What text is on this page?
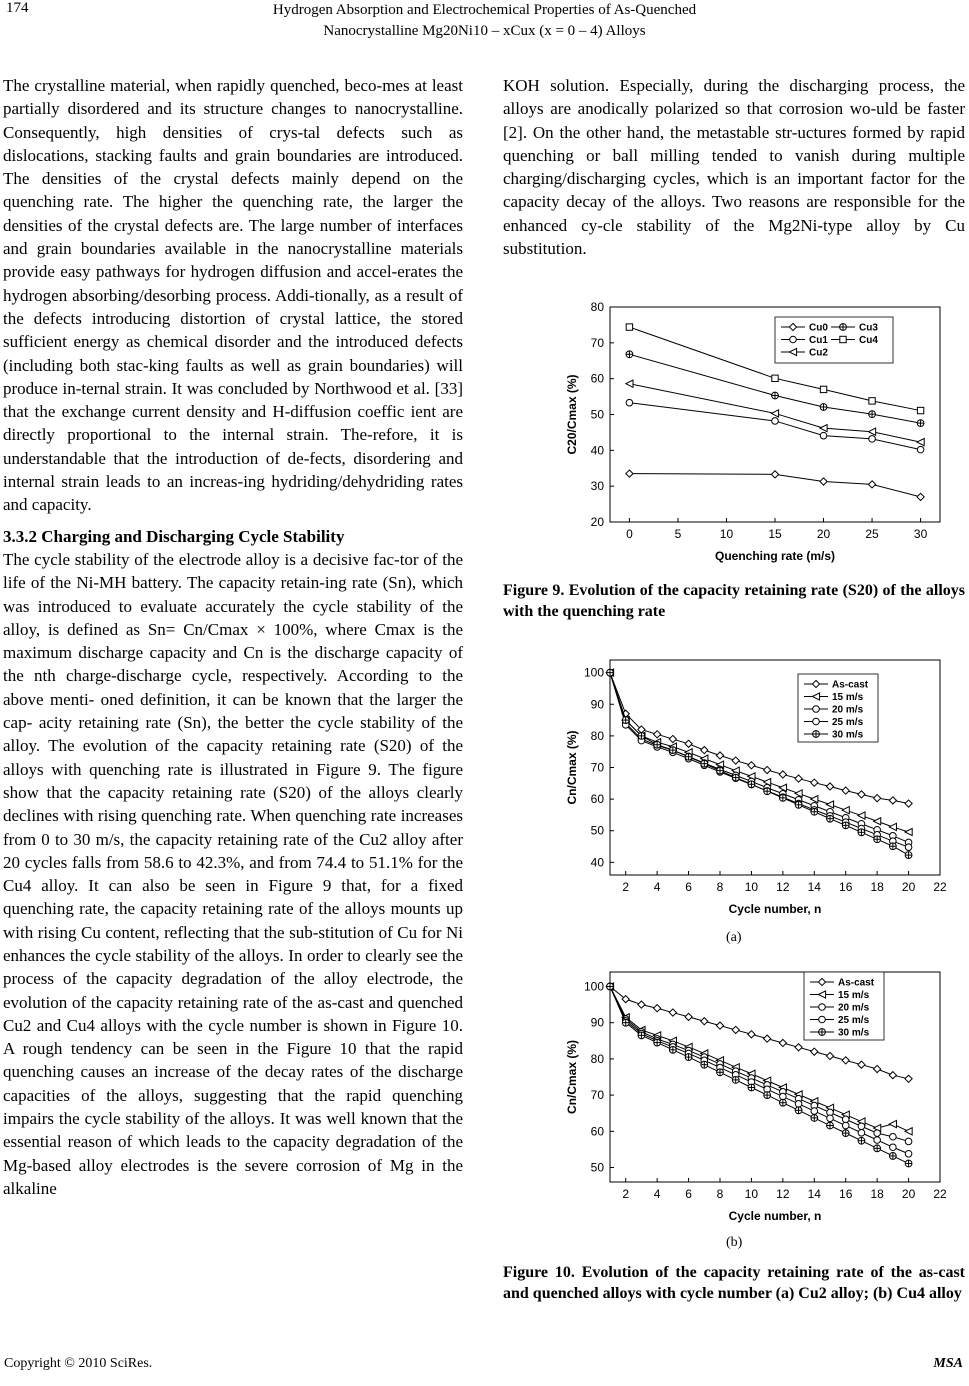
174	Hydrogen Absorption and Electrochemical Properties of As-Quenched
Nanocrystalline Mg20Ni10 – xCux (x = 0 – 4) Alloys

The crystalline material, when rapidly quenched, beco-mes at least partially disordered and its structure changes to nanocrystalline. Consequently, high densities of crys-tal defects such as dislocations, stacking faults and grain boundaries are introduced. The densities of the crystal defects mainly depend on the quenching rate. The higher the quenching rate, the larger the densities of the crystal defects are. The large number of interfaces and grain boundaries available in the nanocrystalline materials provide easy pathways for hydrogen diffusion and accel-erates the hydrogen absorbing/desorbing process. Addi-tionally, as a result of the defects introducing distortion of crystal lattice, the stored sufficient energy as chemical disorder and the introduced defects (including both stac-king faults as well as grain boundaries) will produce in-ternal strain. It was concluded by Northwood et al. [33] that the exchange current density and H-diffusion coeffic ient are directly proportional to the internal strain. The-refore, it is understandable that the introduction of de-fects, disordering and internal strain leads to an increas-ing hydriding/dehydriding rates and capacity.

3.3.2 Charging and Discharging Cycle Stability

The cycle stability of the electrode alloy is a decisive fac-tor of the life of the Ni-MH battery. The capacity retain-ing rate (Sn), which was introduced to evaluate accurately the cycle stability of the alloy, is defined as Sn= Cn/Cmax × 100%, where Cmax is the maximum discharge capacity and Cn is the discharge capacity of the nth charge-discharge cycle, respectively. According to the above menti- oned definition, it can be known that the larger the cap- acity retaining rate (Sn), the better the cycle stability of the alloy. The evolution of the capacity retaining rate (S20) of the alloys with quenching rate is illustrated in Figure 9. The figure show that the capacity retaining rate (S20) of the alloys clearly declines with rising quenching rate. When quenching rate increases from 0 to 30 m/s, the capacity retaining rate of the Cu2 alloy after 20 cycles falls from 58.6 to 42.3%, and from 74.4 to 51.1% for the Cu4 alloy. It can also be seen in Figure 9 that, for a fixed quenching rate, the capacity retaining rate of the alloys mounts up with rising Cu content, reflecting that the sub-stitution of Cu for Ni enhances the cycle stability of the alloys. In order to clearly see the process of the capacity degradation of the alloy electrode, the evolution of the capacity retaining rate of the as-cast and quenched Cu2 and Cu4 alloys with the cycle number is shown in Figure 10. A rough tendency can be seen in the Figure 10 that the rapid quenching causes an increase of the decay rates of the discharge capacities of the alloys, suggesting that the rapid quenching impairs the cycle stability of the alloys. It was well known that the essential reason of which leads to the capacity degradation of the Mg-based alloy electrodes is the severe corrosion of Mg in the alkaline

KOH solution. Especially, during the discharging process, the alloys are anodically polarized so that corrosion wo-uld be faster [2]. On the other hand, the metastable str-uctures formed by rapid quenching or ball milling tended to vanish during multiple charging/discharging cycles, which is an important factor for the capacity decay of the alloys. Two reasons are responsible for the enhanced cy-cle stability of the Mg2Ni-type alloy by Cu substitution.

0	5	10	15	20	25	30
20
30
40
50
60
70
80
Quenching rate (m/s)
C20/Cmax (%)
Cu0
Cu1
Cu2
Cu3
Cu4
Figure 9. Evolution of the capacity retaining rate (S20) of the alloys with the quenching rate
2 4 6 8 10 12 14 16 18 20 22
40
50
60
70
80
90
100
Cycle number, n
Cn/Cmax (%)
As-cast
15 m/s
20 m/s
25 m/s
30 m/s
(a)
2 4 6 8 10 12 14 16 18 20 22
50
60
70
80
90
100
Cycle number, n
Cn/Cmax (%)
As-cast
15 m/s
20 m/s
25 m/s
30 m/s
(b)
Figure 10. Evolution of the capacity retaining rate of the as-cast and quenched alloys with cycle number (a) Cu2 alloy; (b) Cu4 alloy
Copyright © 2010 SciRes.	MSA
